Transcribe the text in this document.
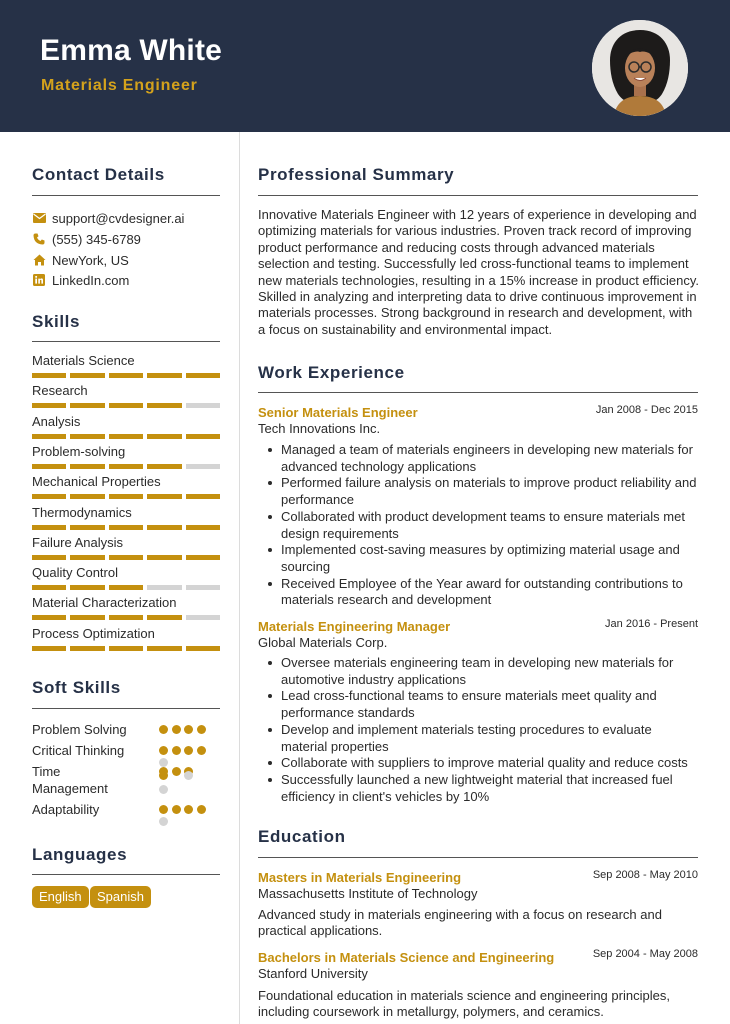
Emma White
Materials Engineer
Contact Details
support@cvdesigner.ai
(555) 345-6789
NewYork, US
LinkedIn.com
Skills
Materials Science
Research
Analysis
Problem-solving
Mechanical Properties
Thermodynamics
Failure Analysis
Quality Control
Material Characterization
Process Optimization
Soft Skills
Problem Solving
Critical Thinking
Time Management
Adaptability
Languages
English	Spanish
Professional Summary
Innovative Materials Engineer with 12 years of experience in developing and optimizing materials for various industries. Proven track record of improving product performance and reducing costs through advanced materials selection and testing. Successfully led cross-functional teams to implement new materials technologies, resulting in a 15% increase in product efficiency. Skilled in analyzing and interpreting data to drive continuous improvement in materials processes. Strong background in research and development, with a focus on sustainability and environmental impact.
Work Experience
Senior Materials Engineer	Jan 2008 - Dec 2015
Tech Innovations Inc.
Managed a team of materials engineers in developing new materials for advanced technology applications
Performed failure analysis on materials to improve product reliability and performance
Collaborated with product development teams to ensure materials met design requirements
Implemented cost-saving measures by optimizing material usage and sourcing
Received Employee of the Year award for outstanding contributions to materials research and development
Materials Engineering Manager	Jan 2016 - Present
Global Materials Corp.
Oversee materials engineering team in developing new materials for automotive industry applications
Lead cross-functional teams to ensure materials meet quality and performance standards
Develop and implement materials testing procedures to evaluate material properties
Collaborate with suppliers to improve material quality and reduce costs
Successfully launched a new lightweight material that increased fuel efficiency in client's vehicles by 10%
Education
Masters in Materials Engineering	Sep 2008 - May 2010
Massachusetts Institute of Technology
Advanced study in materials engineering with a focus on research and practical applications.
Bachelors in Materials Science and Engineering	Sep 2004 - May 2008
Stanford University
Foundational education in materials science and engineering principles, including coursework in metallurgy, polymers, and ceramics.
